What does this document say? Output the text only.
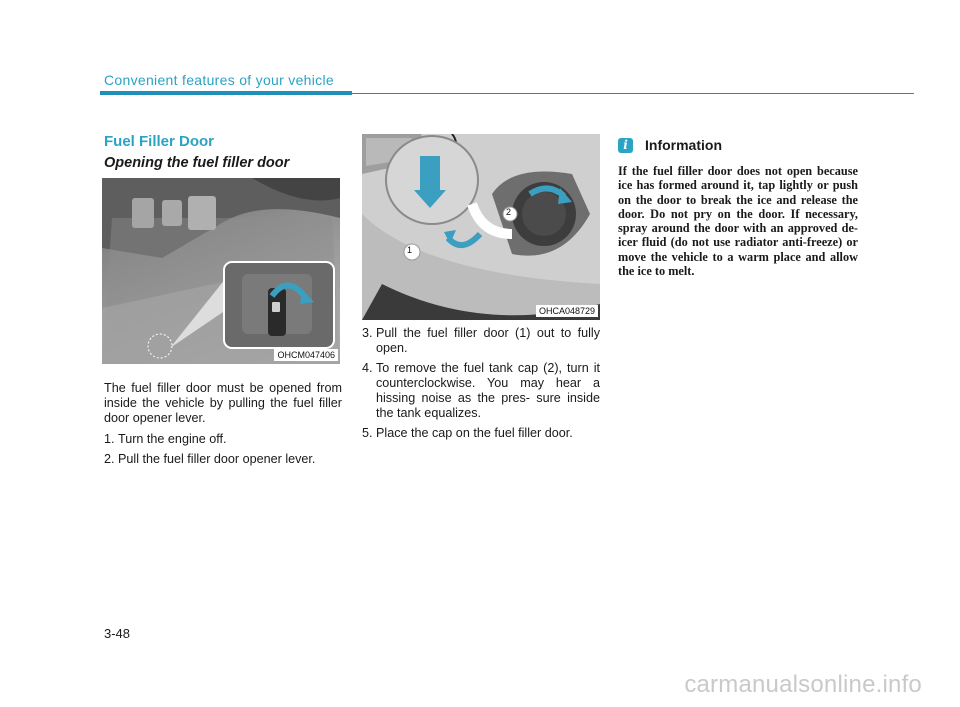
Convenient features of your vehicle
Fuel Filler Door
Opening the fuel filler door
OHCM047406
1
2
OHCA048729

The fuel filler door must be opened from inside the vehicle by pulling the fuel filler door opener lever.

1. Turn the engine off.
2. Pull the fuel filler door opener lever.
3. Pull the fuel filler door (1) out to fully open.
4. To remove the fuel tank cap (2), turn it counterclockwise. You may hear a hissing noise as the pres- sure inside the tank equalizes.
5. Place the cap on the fuel filler door.
i	Information
If the fuel filler door does not open because ice has formed around it, tap lightly or push on the door to break the ice and release the door. Do not pry on the door. If necessary, spray around the door with an approved de-icer fluid (do not use radiator anti-freeze) or move the vehicle to a warm place and allow the ice to melt.
3-48
carmanualsonline.info
